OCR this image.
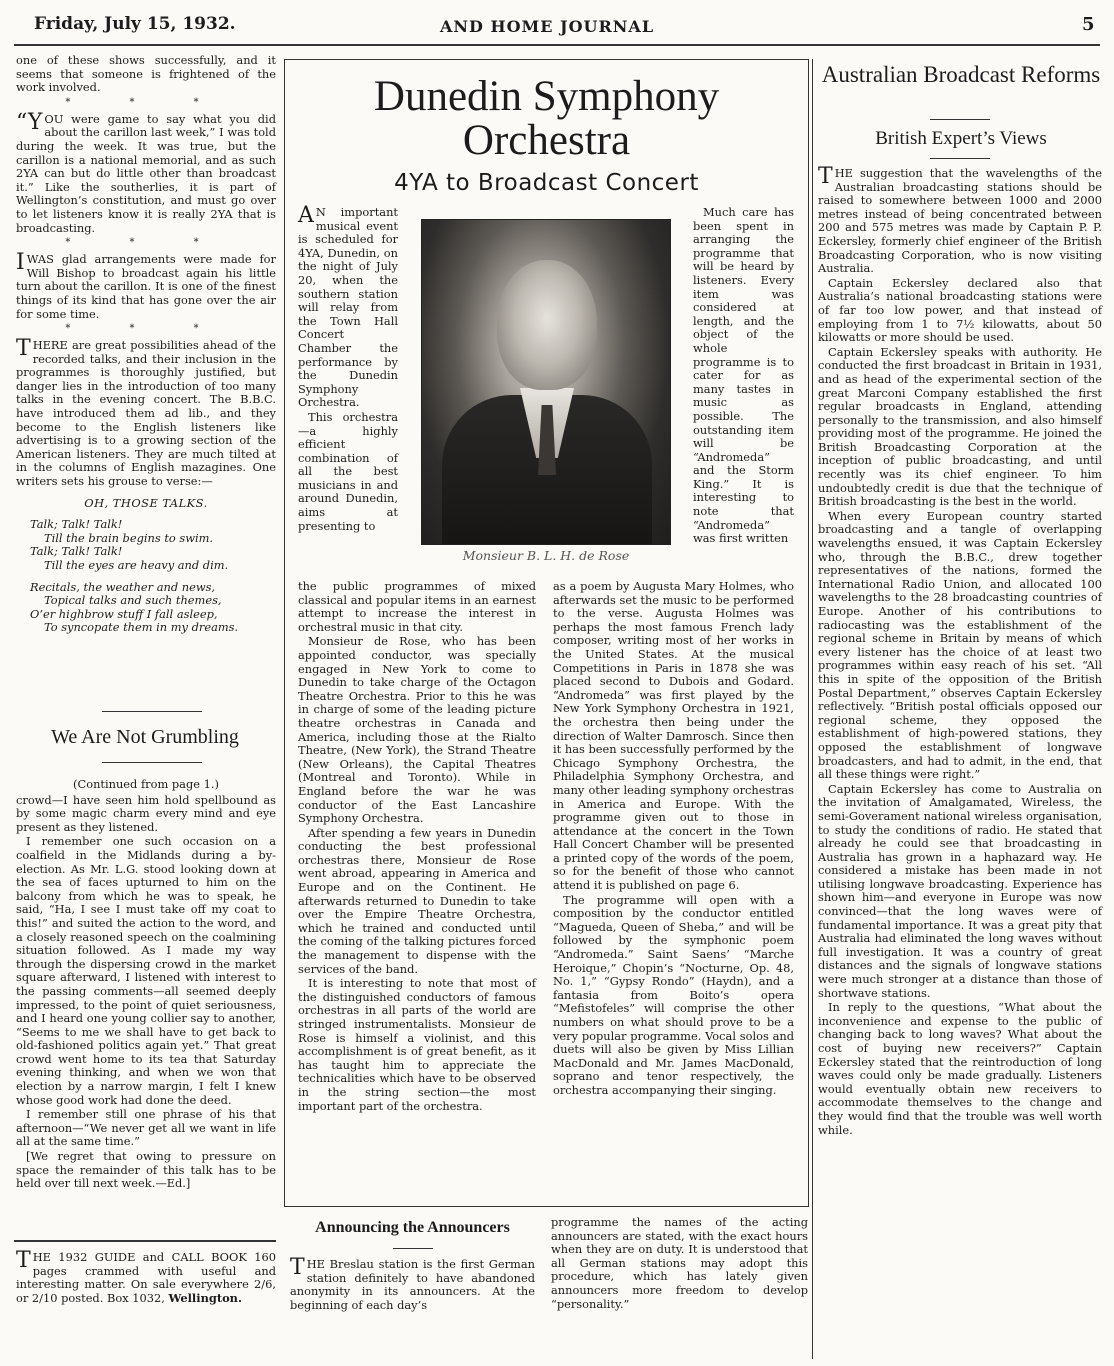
Friday, July 15, 1932.	AND HOME JOURNAL	5

one of these shows successfully, and it seems that someone is frightened of the work involved.

* * *

“YOU were game to say what you did about the carillon last week,” I was told during the week. It was true, but the carillon is a national memorial, and as such 2YA can but do little other than broadcast it.” Like the southerlies, it is part of Wellington’s constitution, and must go over to let listeners know it is really 2YA that is broadcasting.

* * *

I WAS glad arrangements were made for Will Bishop to broadcast again his little turn about the carillon. It is one of the finest things of its kind that has gone over the air for some time.

* * *

THERE are great possibilities ahead of the recorded talks, and their inclusion in the programmes is thoroughly justified, but danger lies in the introduction of too many talks in the evening concert. The B.B.C. have introduced them ad lib., and they become to the English listeners like advertising is to a growing section of the American listeners. They are much tilted at in the columns of English mazagines. One writers sets his grouse to verse:—

OH, THOSE TALKS.
Talk; Talk! Talk!
Till the brain begins to swim.
Talk; Talk! Talk!
Till the eyes are heavy and dim.
Recitals, the weather and news,
Topical talks and such themes,
O’er highbrow stuff I fall asleep,
To syncopate them in my dreams.
We Are Not Grumbling
(Continued from page 1.)

crowd—I have seen him hold spellbound as by some magic charm every mind and eye present as they listened.

I remember one such occasion on a coalfield in the Midlands during a by-election. As Mr. L.G. stood looking down at the sea of faces upturned to him on the balcony from which he was to speak, he said, “Ha, I see I must take off my coat to this!” and suited the action to the word, and a closely reasoned speech on the coalmining situation followed. As I made my way through the dispersing crowd in the market square afterward, I listened with interest to the passing comments—all seemed deeply impressed, to the point of quiet seriousness, and I heard one young collier say to another, “Seems to me we shall have to get back to old-fashioned politics again yet.” That great crowd went home to its tea that Saturday evening thinking, and when we won that election by a narrow margin, I felt I knew whose good work had done the deed.

I remember still one phrase of his that afternoon—“We never get all we want in life all at the same time.”

[We regret that owing to pressure on space the remainder of this talk has to be held over till next week.—Ed.]

THE 1932 GUIDE and CALL BOOK 160 pages crammed with useful and interesting matter. On sale everywhere 2/6, or 2/10 posted. Box 1032, Wellington.

Dunedin Symphony
Orchestra
4YA to Broadcast Concert

A N important musical event is scheduled for 4YA, Dunedin, on the night of July 20, when the southern station will relay from the Town Hall Concert Chamber the performance by the Dunedin Symphony Orchestra.

This orchestra—a highly efficient combination of all the best musicians in and around Dunedin, aims at presenting to

Monsieur B. L. H. de Rose

Much care has been spent in arranging the programme that will be heard by listeners. Every item was considered at length, and the object of the whole programme is to cater for as many tastes in music as possible. The outstanding item will be “Andromeda” and the Storm King.” It is interesting to note that “Andromeda” was first written

the public programmes of mixed classical and popular items in an earnest attempt to increase the interest in orchestral music in that city.

Monsieur de Rose, who has been appointed conductor, was specially engaged in New York to come to Dunedin to take charge of the Octagon Theatre Orchestra. Prior to this he was in charge of some of the leading picture theatre orchestras in Canada and America, including those at the Rialto Theatre, (New York), the Strand Theatre (New Orleans), the Capital Theatres (Montreal and Toronto). While in England before the war he was conductor of the East Lancashire Symphony Orchestra.

After spending a few years in Dunedin conducting the best professional orchestras there, Monsieur de Rose went abroad, appearing in America and Europe and on the Continent. He afterwards returned to Dunedin to take over the Empire Theatre Orchestra, which he trained and conducted until the coming of the talking pictures forced the management to dispense with the services of the band.

It is interesting to note that most of the distinguished conductors of famous orchestras in all parts of the world are stringed instrumentalists. Monsieur de Rose is himself a violinist, and this accomplishment is of great benefit, as it has taught him to appreciate the technicalities which have to be observed in the string section—the most important part of the orchestra.

as a poem by Augusta Mary Holmes, who afterwards set the music to be performed to the verse. Augusta Holmes was perhaps the most famous French lady composer, writing most of her works in the United States. At the musical Competitions in Paris in 1878 she was placed second to Dubois and Godard. “Andromeda” was first played by the New York Symphony Orchestra in 1921, the orchestra then being under the direction of Walter Damrosch. Since then it has been successfully performed by the Chicago Symphony Orchestra, the Philadelphia Symphony Orchestra, and many other leading symphony orchestras in America and Europe. With the programme given out to those in attendance at the concert in the Town Hall Concert Chamber will be presented a printed copy of the words of the poem, so for the benefit of those who cannot attend it is published on page 6.

The programme will open with a composition by the conductor entitled “Magueda, Queen of Sheba,” and will be followed by the symphonic poem “Andromeda.” Saint Saens’ “Marche Heroique,” Chopin’s “Nocturne, Op. 48, No. 1,” “Gypsy Rondo” (Haydn), and a fantasia from Boito’s opera “Mefistofeles” will comprise the other numbers on what should prove to be a very popular programme. Vocal solos and duets will also be given by Miss Lillian MacDonald and Mr. James MacDonald, soprano and tenor respectively, the orchestra accompanying their singing.

Announcing the Announcers

THE Breslau station is the first German station definitely to have abandoned anonymity in its announcers. At the beginning of each day’s

programme the names of the acting announcers are stated, with the exact hours when they are on duty. It is understood that all German stations may adopt this procedure, which has lately given announcers more freedom to develop “personality.”

Australian Broadcast Reforms
British Expert’s Views

THE suggestion that the wavelengths of the Australian broadcasting stations should be raised to somewhere between 1000 and 2000 metres instead of being concentrated between 200 and 575 metres was made by Captain P. P. Eckersley, formerly chief engineer of the British Broadcasting Corporation, who is now visiting Australia.

Captain Eckersley declared also that Australia’s national broadcasting stations were of far too low power, and that instead of employing from 1 to 7½ kilowatts, about 50 kilowatts or more should be used.

Captain Eckersley speaks with authority. He conducted the first broadcast in Britain in 1931, and as head of the experimental section of the great Marconi Company established the first regular broadcasts in England, attending personally to the transmission, and also himself providing most of the programme. He joined the British Broadcasting Corporation at the inception of public broadcasting, and until recently was its chief engineer. To him undoubtedly credit is due that the technique of British broadcasting is the best in the world.

When every European country started broadcasting and a tangle of overlapping wavelengths ensued, it was Captain Eckersley who, through the B.B.C., drew together representatives of the nations, formed the International Radio Union, and allocated 100 wavelengths to the 28 broadcasting countries of Europe. Another of his contributions to radiocasting was the establishment of the regional scheme in Britain by means of which every listener has the choice of at least two programmes within easy reach of his set. “All this in spite of the opposition of the British Postal Department,” observes Captain Eckersley reflectively. “British postal officials opposed our regional scheme, they opposed the establishment of high-powered stations, they opposed the establishment of longwave broadcasters, and had to admit, in the end, that all these things were right.”

Captain Eckersley has come to Australia on the invitation of Amalgamated, Wireless, the semi-Goverament national wireless organisation, to study the conditions of radio. He stated that already he could see that broadcasting in Australia has grown in a haphazard way. He considered a mistake has been made in not utilising longwave broadcasting. Experience has shown him—and everyone in Europe was now convinced—that the long waves were of fundamental importance. It was a great pity that Australia had eliminated the long waves without full investigation. It was a country of great distances and the signals of longwave stations were much stronger at a distance than those of shortwave stations.

In reply to the questions, “What about the inconvenience and expense to the public of changing back to long waves? What about the cost of buying new receivers?” Captain Eckersley stated that the reintroduction of long waves could only be made gradually. Listeners would eventually obtain new receivers to accommodate themselves to the change and they would find that the trouble was well worth while.
